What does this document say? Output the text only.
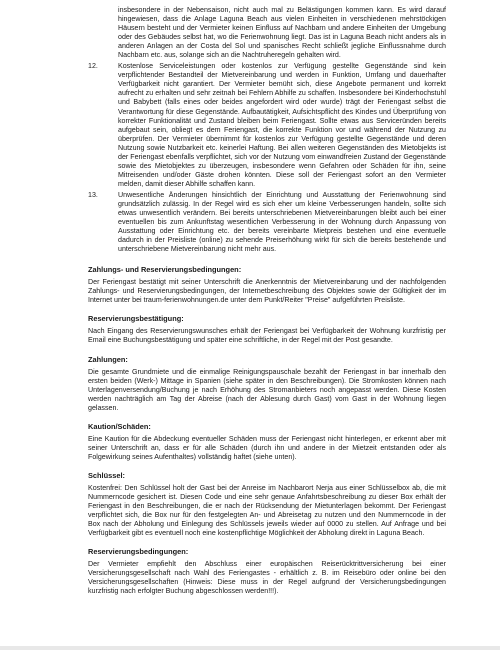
insbesondere in der Nebensaison, nicht auch mal zu Belästigungen kommen kann. Es wird darauf hingewiesen, dass die Anlage Laguna Beach aus vielen Einheiten in verschiedenen mehrstöckigen Häusern besteht und der Vermieter keinen Einfluss auf Nachbarn und andere Einheiten der Umgebung oder des Gebäudes selbst hat, wo die Ferienwohnung liegt. Das ist in Laguna Beach nicht anders als in anderen Anlagen an der Costa del Sol und spanisches Recht schließt jegliche Einflussnahme durch Nachbarn etc. aus, solange sich an die Nachtruheregeln gehalten wird.

12.	Kostenlose Serviceleistungen oder kostenlos zur Verfügung gestellte Gegenstände sind kein verpflichtender Bestandteil der Mietvereinbarung und werden in Funktion, Umfang und dauerhafter Verfügbarkeit nicht garantiert. Der Vermieter bemüht sich, diese Angebote permanent und korrekt aufrecht zu erhalten und sehr zeitnah bei Fehlern Abhilfe zu schaffen. Insbesondere bei Kinderhochstuhl und Babybett (falls eines oder beides angefordert wird oder wurde) trägt der Feriengast selbst die Verantwortung für diese Gegenstände. Aufbautätigkeit, Aufsichtspflicht des Kindes und Überprüfung von korrekter Funktionalität und Zustand bleiben beim Feriengast. Sollte etwas aus Serviceründen bereits aufgebaut sein, obliegt es dem Feriengast, die korrekte Funktion vor und während der Nutzung zu überprüfen. Der Vermieter übernimmt für kostenlos zur Verfügung gestellte Gegenstände und deren Nutzung sowie Nutzbarkeit etc. keinerlei Haftung. Bei allen weiteren Gegenständen des Mietobjekts ist der Feriengast ebenfalls verpflichtet, sich vor der Nutzung vom einwandfreien Zustand der Gegenstände sowie des Mietobjektes zu überzeugen, insbesondere wenn Gefahren oder Schäden für ihn, seine Mitreisenden und/oder Gäste drohen könnten. Diese soll der Feriengast sofort an den Vermieter melden, damit dieser Abhilfe schaffen kann.

13.	Unwesentliche Änderungen hinsichtlich der Einrichtung und Ausstattung der Ferienwohnung sind grundsätzlich zulässig. In der Regel wird es sich eher um kleine Verbesserungen handeln, sollte sich etwas unwesentlich verändern. Bei bereits unterschriebenen Mietvereinbarungen bleibt auch bei einer eventuellen bis zum Ankunftstag wesentlichen Verbesserung in der Wohnung durch Anpassung von Ausstattung oder Einrichtung etc. der bereits vereinbarte Mietpreis bestehen und eine eventuelle dadurch in der Preisliste (online) zu sehende Preiserhöhung wirkt für sich die bereits bestehende und unterschriebene Mietvereinbarung nicht mehr aus.

Zahlungs- und Reservierungsbedingungen:

Der Feriengast bestätigt mit seiner Unterschrift die Anerkenntnis der Mietvereinbarung und der nachfolgenden Zahlungs- und Reservierungsbedingungen, der Internetbeschreibung des Objektes sowie der Gültigkeit der im Internet unter bei traum-ferienwohnungen.de unter dem Punkt/Reiter "Preise" aufgeführten Preisliste.

Reservierungsbestätigung:

Nach Eingang des Reservierungswunsches erhält der Feriengast bei Verfügbarkeit der Wohnung kurzfristig per Email eine Buchungsbestätigung und später eine schriftliche, in der Regel mit der Post gesandte.

Zahlungen:

Die gesamte Grundmiete und die einmalige Reinigungspauschale bezahlt der Feriengast in bar innerhalb den ersten beiden (Werk-) Mittage in Spanien (siehe später in den Beschreibungen). Die Stromkosten können nach Unterlagenversendung/Buchung je nach Erhöhung des Stromanbieters noch angepasst werden. Diese Kosten werden nachträglich am Tag der Abreise (nach der Ablesung durch Gast) vom Gast in der Wohnung liegen gelassen.

Kaution/Schäden:

Eine Kaution für die Abdeckung eventueller Schäden muss der Feriengast nicht hinterlegen, er erkennt aber mit seiner Unterschrift an, dass er für alle Schäden (durch ihn und andere in der Mietzeit entstanden oder als Folgewirkung seines Aufenthaltes) vollständig haftet (siehe unten).

Schlüssel:

Kostenfrei: Den Schlüssel holt der Gast bei der Anreise im Nachbarort Nerja aus einer Schlüsselbox ab, die mit Nummerncode gesichert ist. Diesen Code und eine sehr genaue Anfahrtsbeschreibung zu dieser Box erhält der Feriengast in den Beschreibungen, die er nach der Rücksendung der Mietunterlagen bekommt. Der Feriengast verpflichtet sich, die Box nur für den festgelegten An- und Abreisetag zu nutzen und den Nummerncode in der Box nach der Abholung und Einlegung des Schlüssels jeweils wieder auf 0000 zu stellen. Auf Anfrage und bei Verfügbarkeit gibt es eventuell noch eine kostenpflichtige Möglichkeit der Abholung direkt in Laguna Beach.

Reservierungsbedingungen:

Der Vermieter empfiehlt den Abschluss einer europäischen Reiserücktrittversicherung bei einer Versicherungsgesellschaft nach Wahl des Feriengastes - erhältlich z. B. im Reisebüro oder online bei den Versicherungsgesellschaften (Hinweis: Diese muss in der Regel aufgrund der Versicherungsbedingungen kurzfristig nach erfolgter Buchung abgeschlossen werden!!!).
